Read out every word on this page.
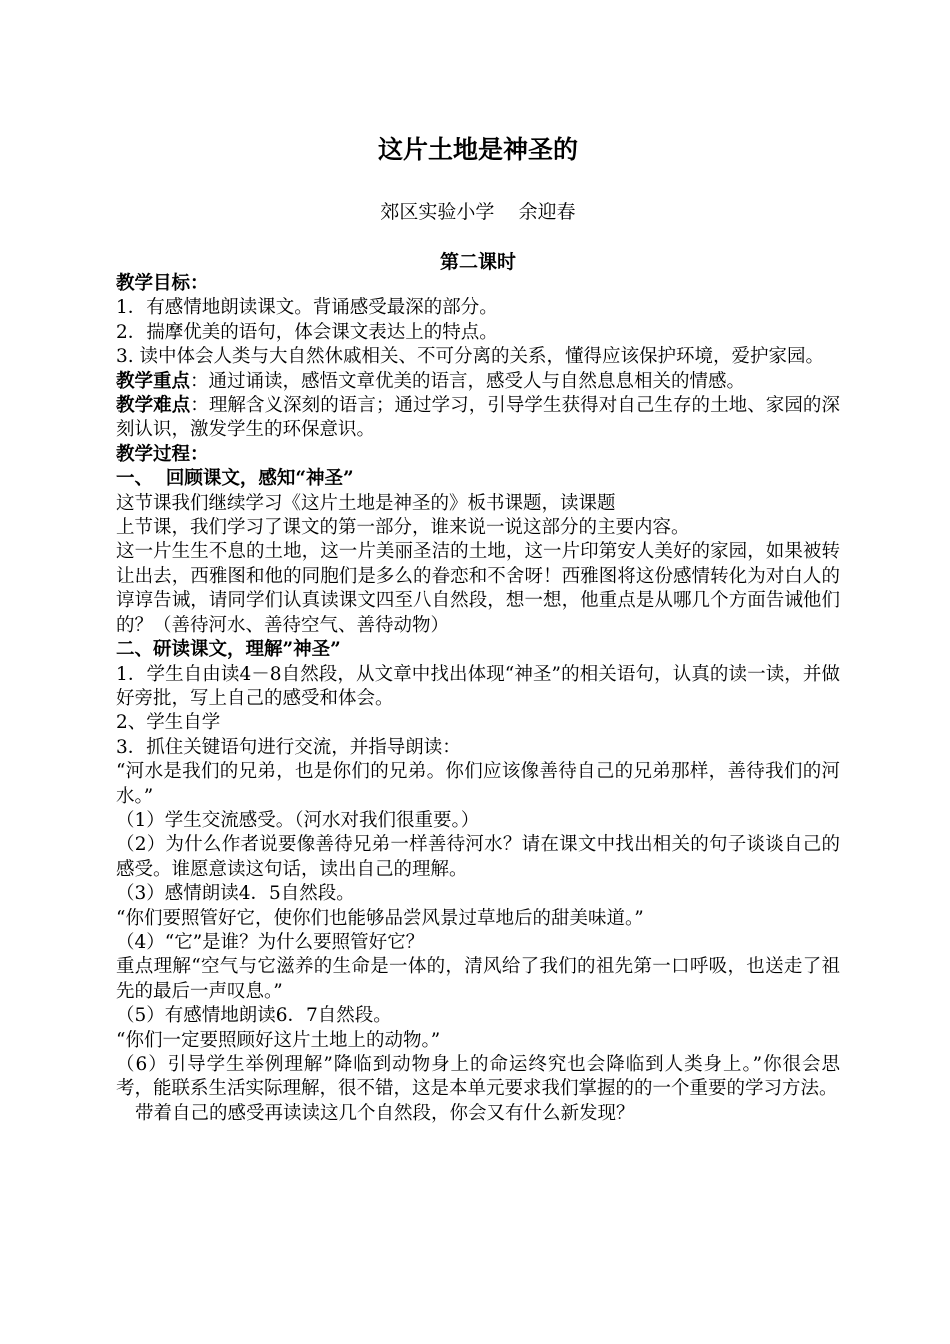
这片土地是神圣的

郊区实验小学    余迎春

第二课时

教学目标：

1．有感情地朗读课文。背诵感受最深的部分。

2．揣摩优美的语句，体会课文表达上的特点。

3. 读中体会人类与大自然休戚相关、不可分离的关系，懂得应该保护环境，爱护家园。

教学重点：通过诵读，感悟文章优美的语言，感受人与自然息息相关的情感。

教学难点：理解含义深刻的语言；通过学习，引导学生获得对自己生存的土地、家园的深刻认识，激发学生的环保意识。

教学过程：

一、  回顾课文，感知“神圣”

这节课我们继续学习《这片土地是神圣的》板书课题，读课题

上节课，我们学习了课文的第一部分，谁来说一说这部分的主要内容。

这一片生生不息的土地，这一片美丽圣洁的土地，这一片印第安人美好的家园，如果被转让出去，西雅图和他的同胞们是多么的眷恋和不舍呀！西雅图将这份感情转化为对白人的谆谆告诫，请同学们认真读课文四至八自然段，想一想，他重点是从哪几个方面告诫他们的？（善待河水、善待空气、善待动物）

二、研读课文，理解”神圣”

1．学生自由读4－8自然段，从文章中找出体现“神圣”的相关语句，认真的读一读，并做好旁批，写上自己的感受和体会。

2、学生自学

3．抓住关键语句进行交流，并指导朗读：

“河水是我们的兄弟，也是你们的兄弟。你们应该像善待自己的兄弟那样，善待我们的河水。”

（1）学生交流感受。（河水对我们很重要。）

（2）为什么作者说要像善待兄弟一样善待河水？请在课文中找出相关的句子谈谈自己的感受。谁愿意读这句话，读出自己的理解。

（3）感情朗读4．5自然段。

“你们要照管好它，使你们也能够品尝风景过草地后的甜美味道。”

（4）“它”是谁？为什么要照管好它？

重点理解“空气与它滋养的生命是一体的，清风给了我们的祖先第一口呼吸，也送走了祖先的最后一声叹息。”

（5）有感情地朗读6．7自然段。

“你们一定要照顾好这片土地上的动物。”

（6）引导学生举例理解”降临到动物身上的命运终究也会降临到人类身上。”你很会思考，能联系生活实际理解，很不错，这是本单元要求我们掌握的的一个重要的学习方法。

带着自己的感受再读读这几个自然段，你会又有什么新发现？
